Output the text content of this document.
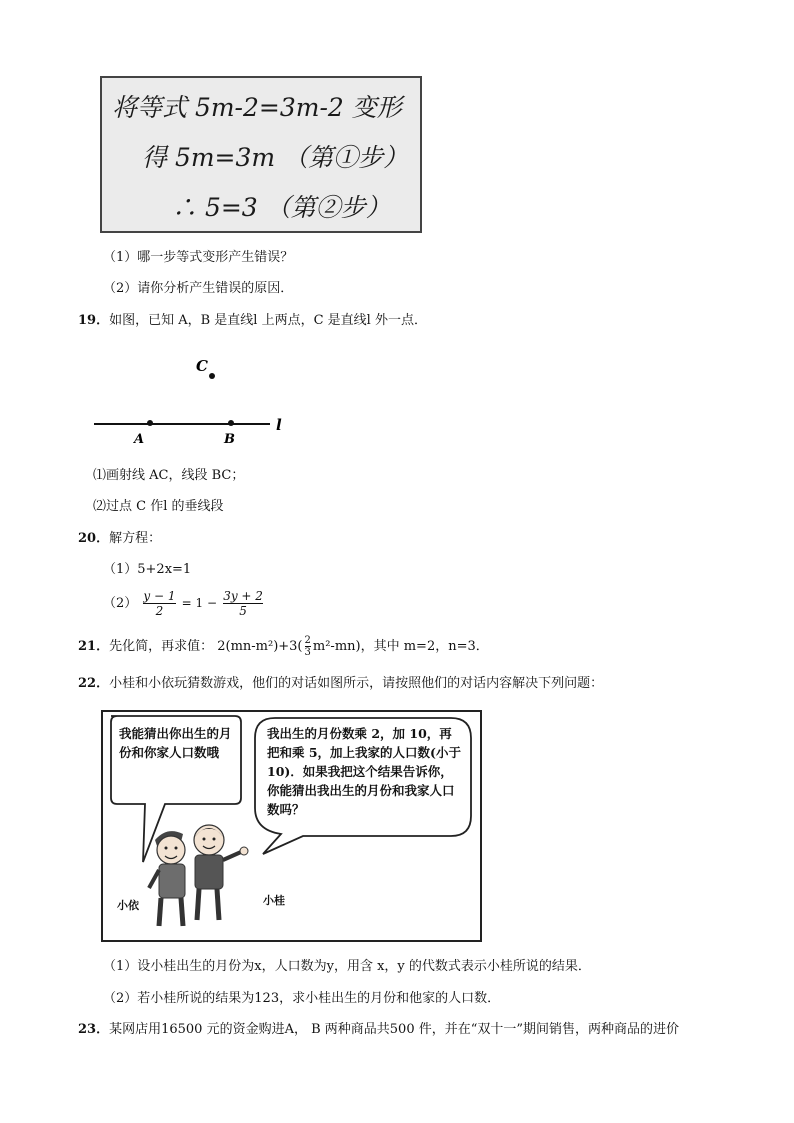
将等式 5m-2=3m-2 变形
得 5m=3m （第①步）
∴ 5=3 （第②步）
（1）哪一步等式变形产生错误？
（2）请你分析产生错误的原因．
19．如图，已知 A，B 是直线l 上两点，C 是直线l 外一点．
C
A	B
l
⑴画射线 AC，线段 BC；
⑵过点 C 作l 的垂线段
20．解方程：
（1）5+2x=1
$(2) \frac{y - 1}{2} = 1 - \frac{3y + 2}{5}$
21．先化简，再求值： $2(mn-m^2)+3( \frac{2}{3} m^2-mn)$，其中 m=2，n=3．
22．小桂和小依玩猜数游戏，他们的对话如图所示，请按照他们的对话内容解决下列问题：
我能猜出你出生的月份和你家人口数哦
我出生的月份数乘 2，加 10，再把和乘 5，加上我家的人口数(小于 10)．如果我把这个结果告诉你，你能猜出我出生的月份和我家人口数吗？
小依	小桂
（1）设小桂出生的月份为x，人口数为y，用含 x，y 的代数式表示小桂所说的结果．
（2）若小桂所说的结果为123，求小桂出生的月份和他家的人口数．
23．某网店用16500 元的资金购进A， B 两种商品共500 件，并在“双十一”期间销售，两种商品的进价
